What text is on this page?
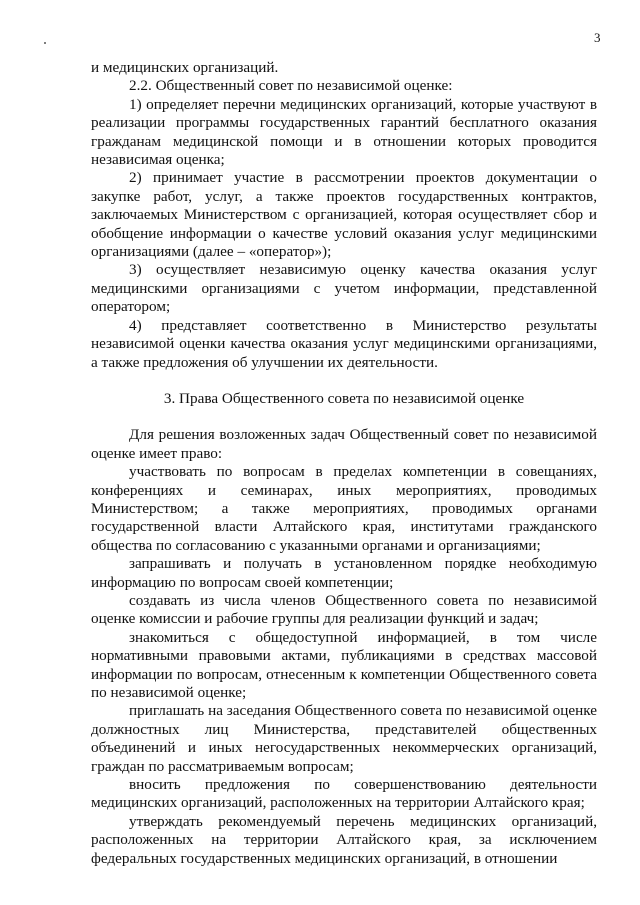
3

и медицинских организаций.

2.2. Общественный совет по независимой оценке:

1) определяет перечни медицинских организаций, которые участвуют в реализации программы государственных гарантий бесплатного оказания гражданам медицинской помощи и в отношении которых проводится независимая оценка;

2) принимает участие в рассмотрении проектов документации о закупке работ, услуг, а также проектов государственных контрактов, заключаемых Министерством с организацией, которая осуществляет сбор и обобщение информации о качестве условий оказания услуг медицинскими организациями (далее – «оператор»);

3) осуществляет независимую оценку качества оказания услуг медицинскими организациями с учетом информации, представленной оператором;

4) представляет соответственно в Министерство результаты независимой оценки качества оказания услуг медицинскими организациями, а также предложения об улучшении их деятельности.

3. Права Общественного совета по независимой оценке

Для решения возложенных задач Общественный совет по независимой оценке имеет право:

участвовать по вопросам в пределах компетенции в совещаниях, конференциях и семинарах, иных мероприятиях, проводимых Министерством; а также мероприятиях, проводимых органами государственной власти Алтайского края, институтами гражданского общества по согласованию с указанными органами и организациями;

запрашивать и получать в установленном порядке необходимую информацию по вопросам своей компетенции;

создавать из числа членов Общественного совета по независимой оценке комиссии и рабочие группы для реализации функций и задач;

знакомиться с общедоступной информацией, в том числе нормативными правовыми актами, публикациями в средствах массовой информации по вопросам, отнесенным к компетенции Общественного совета по независимой оценке;

приглашать на заседания Общественного совета по независимой оценке должностных лиц Министерства, представителей общественных объединений и иных негосударственных некоммерческих организаций, граждан по рассматриваемым вопросам;

вносить предложения по совершенствованию деятельности медицинских организаций, расположенных на территории Алтайского края;

утверждать рекомендуемый перечень медицинских организаций, расположенных на территории Алтайского края, за исключением федеральных государственных медицинских организаций, в отношении
